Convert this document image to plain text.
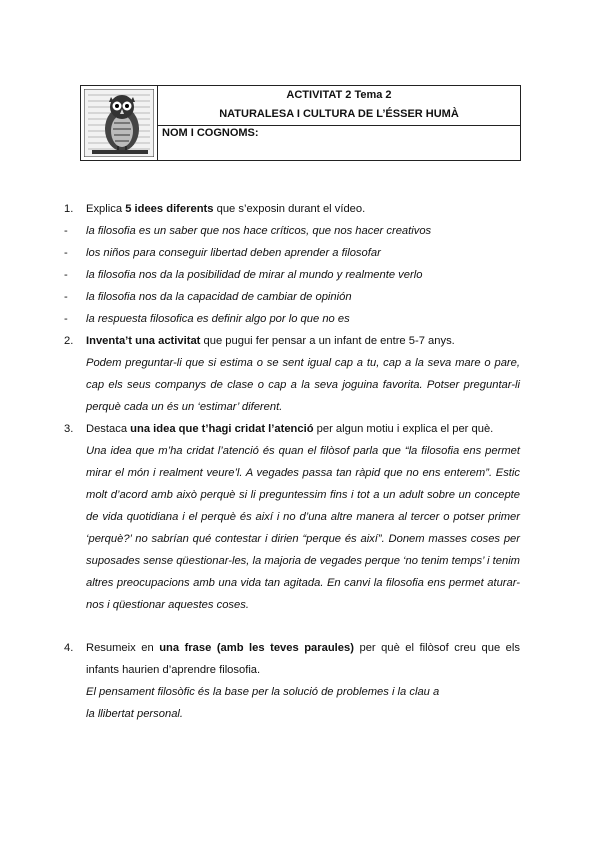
ACTIVITAT 2 Tema 2
NATURALESA I CULTURA DE L’ÉSSER HUMÀ
NOM I COGNOMS:
1.	Explica 5 idees diferents que s’exposin durant el vídeo.
-	la filosofia es un saber que nos hace críticos, que nos hacer creativos
-	los niños para conseguir libertad deben aprender a filosofar
-	la filosofia nos da la posibilidad de mirar al mundo y realmente verlo
-	la filosofia nos da la capacidad de cambiar de opinión
-	la respuesta filosofica es definir algo por lo que no es
2.	Inventa’t una activitat que pugui fer pensar a un infant de entre 5-7 anys.
Podem preguntar-li que si estima o se sent igual cap a tu, cap a la seva mare o pare, cap els seus companys de clase o cap a la seva joguina favorita. Potser preguntar-li perquè cada un és un ‘estimar’ diferent.
3.	Destaca una idea que t’hagi cridat l’atenció per algun motiu i explica el per què.
Una idea que m’ha cridat l’atenció és quan el filòsof parla que “la filosofia ens permet mirar el món i realment veure’l. A vegades passa tan ràpid que no ens enterem”. Estic molt d’acord amb això perquè si li preguntessim fins i tot a un adult sobre un concepte de vida quotidiana i el perquè és així i no d’una altre manera al tercer o potser primer ‘perquè?’ no sabrían qué contestar i dirien “perque és així”. Donem masses coses per suposades sense qüestionar-les, la majoria de vegades perque ‘no tenim temps’ i tenim altres preocupacions amb una vida tan agitada. En canvi la filosofia ens permet aturar-nos i qüestionar aquestes coses.
4.	Resumeix en una frase (amb les teves paraules) per què el filòsof creu que els infants haurien d’aprendre filosofia.
El pensament filosòfic és la base per la solució de problemes i la clau a
la llibertat personal.
